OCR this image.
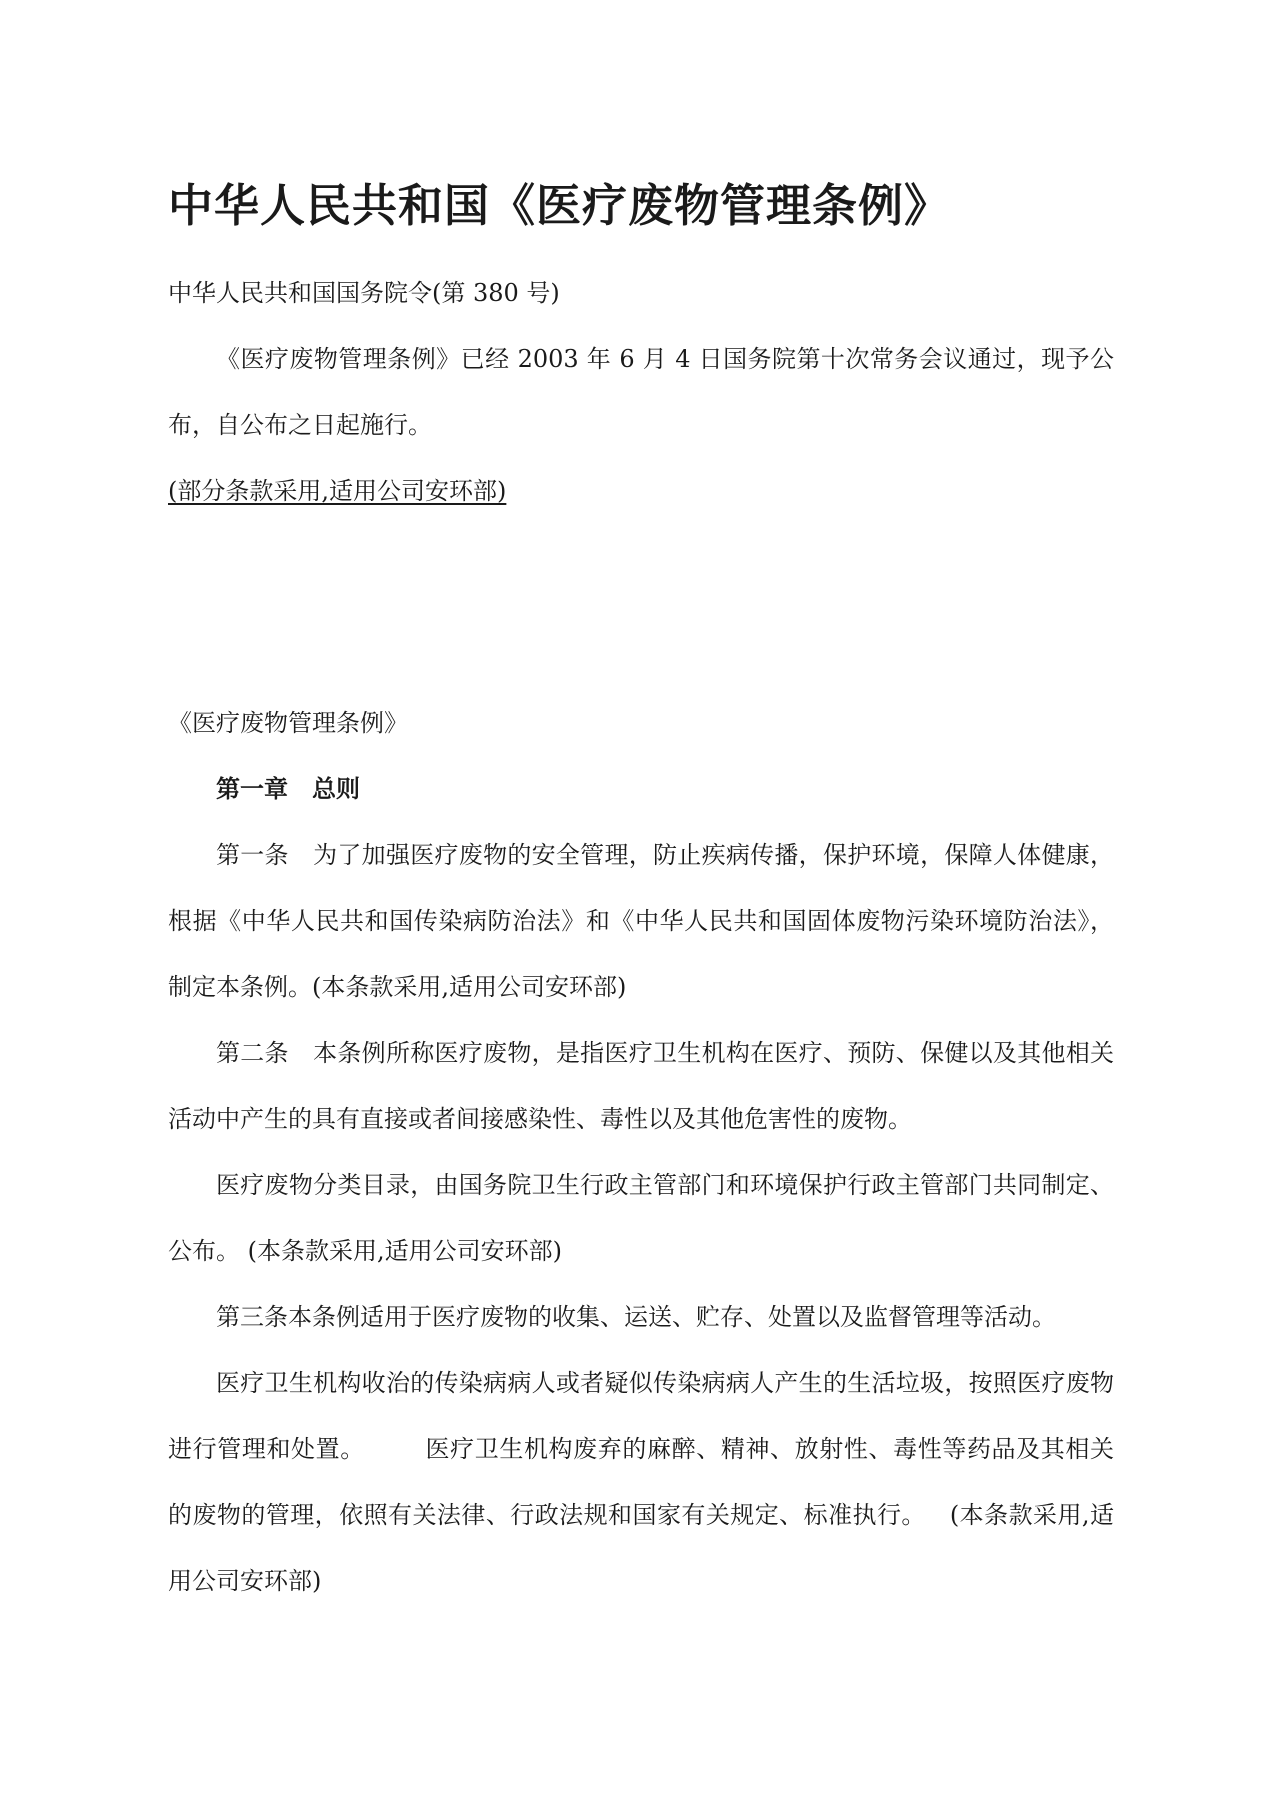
中华人民共和国《医疗废物管理条例》

中华人民共和国国务院令(第 380 号)

《医疗废物管理条例》已经 2003 年 6 月 4 日国务院第十次常务会议通过，现予公布，自公布之日起施行。

(部分条款采用,适用公司安环部)

《医疗废物管理条例》

第一章 总则

第一条 为了加强医疗废物的安全管理，防止疾病传播，保护环境，保障人体健康，根据《中华人民共和国传染病防治法》和《中华人民共和国固体废物污染环境防治法》，制定本条例。(本条款采用,适用公司安环部)

第二条 本条例所称医疗废物，是指医疗卫生机构在医疗、预防、保健以及其他相关活动中产生的具有直接或者间接感染性、毒性以及其他危害性的废物。

医疗废物分类目录，由国务院卫生行政主管部门和环境保护行政主管部门共同制定、公布。 (本条款采用,适用公司安环部)

第三条本条例适用于医疗废物的收集、运送、贮存、处置以及监督管理等活动。

医疗卫生机构收治的传染病病人或者疑似传染病病人产生的生活垃圾，按照医疗废物进行管理和处置。	医疗卫生机构废弃的麻醉、精神、放射性、毒性等药品及其相关的废物的管理，依照有关法律、行政法规和国家有关规定、标准执行。 (本条款采用,适用公司安环部)
